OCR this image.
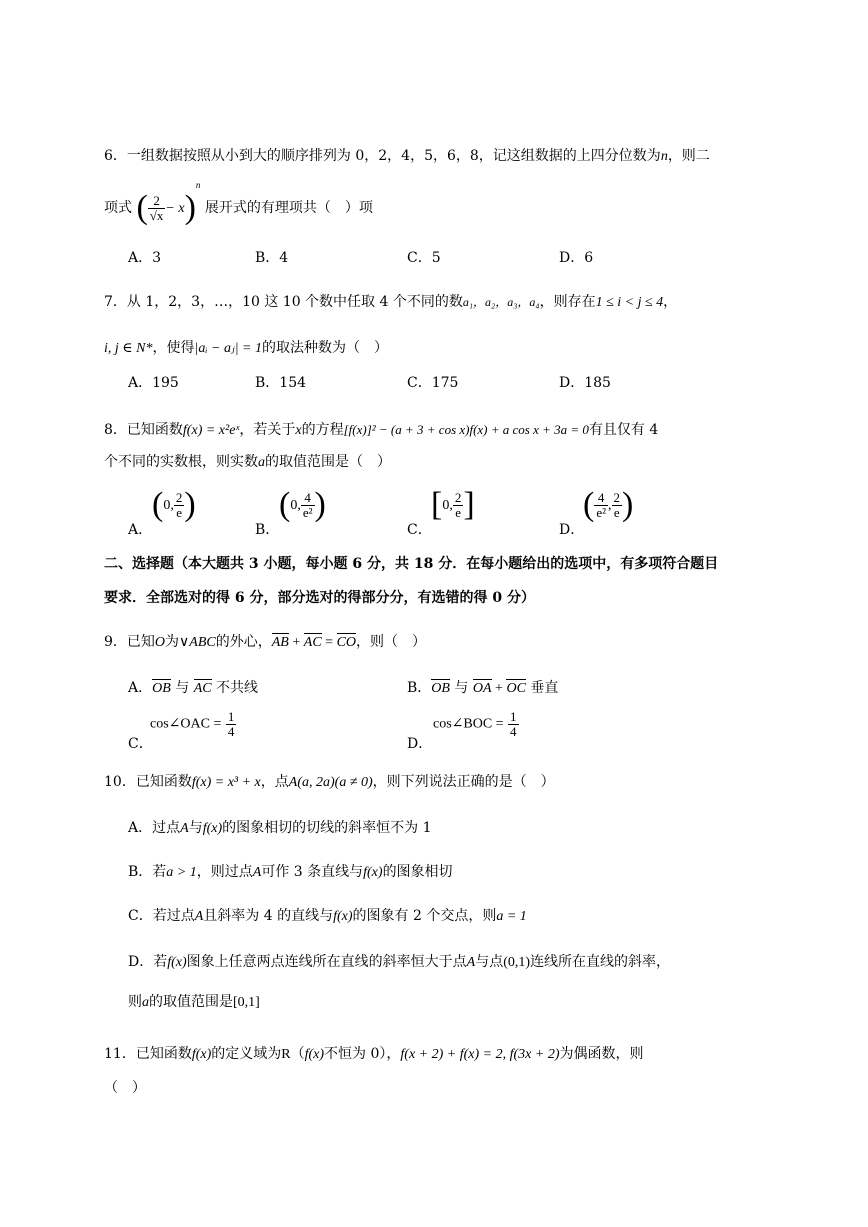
6．一组数据按照从小到大的顺序排列为 0，2，4，5，6，8，记这组数据的上四分位数为n，则二
项式 ( $\frac{2}{√x} - x)^n$ 展开式的有理项共（　）项
A．3	B．4	C．5	D．6
7．从 1，2，3，…，10 这 10 个数中任取 4 个不同的数a₁，a₂，a₃，a₄，则存在1 ≤ i < j ≤ 4，
i, j ∈ N*，使得|aᵢ − aⱼ| = 1的取法种数为（　）
A．195	B．154	C．175	D．185
8．已知函数f(x) = x²eˣ，若关于x的方程[f(x)]² − (a + 3 + cos x)f(x) + a cos x + 3a = 0有且仅有 4
个不同的实数根，则实数a的取值范围是（　）
A．
(0, $\frac{2}{e}$ )
B．
(0, $\frac{4}{\text{e²}}$ )
C．
[0, $\frac{2}{e}$ ]
D．
( $\frac{4}{\text{e²}}$ , $\frac{2}{e}$ )
二、选择题（本大题共 3 小题，每小题 6 分，共 18 分．在每小题给出的选项中，有多项符合题目
要求．全部选对的得 6 分，部分选对的得部分分，有选错的得 0 分）
9．已知O为∨ABC的外心，AB + AC = CO，则（　）
A．OB 与 AC 不共线	B．OB 与 OA + OC 垂直
C．
cos∠OAC = $\frac{1}{4}$
D．
cos∠BOC = $\frac{1}{4}$
10．已知函数f(x) = x³ + x，点A(a, 2a)(a ≠ 0)，则下列说法正确的是（　）
A．过点A与f(x)的图象相切的切线的斜率恒不为 1
B．若a > 1，则过点A可作 3 条直线与f(x)的图象相切
C．若过点A且斜率为 4 的直线与f(x)的图象有 2 个交点，则a = 1
D．若f(x)图象上任意两点连线所在直线的斜率恒大于点A与点(0,1)连线所在直线的斜率，
则a的取值范围是[0,1]
11．已知函数f(x)的定义域为R（f(x)不恒为 0），f(x + 2) + f(x) = 2, f(3x + 2)为偶函数，则
（　）
